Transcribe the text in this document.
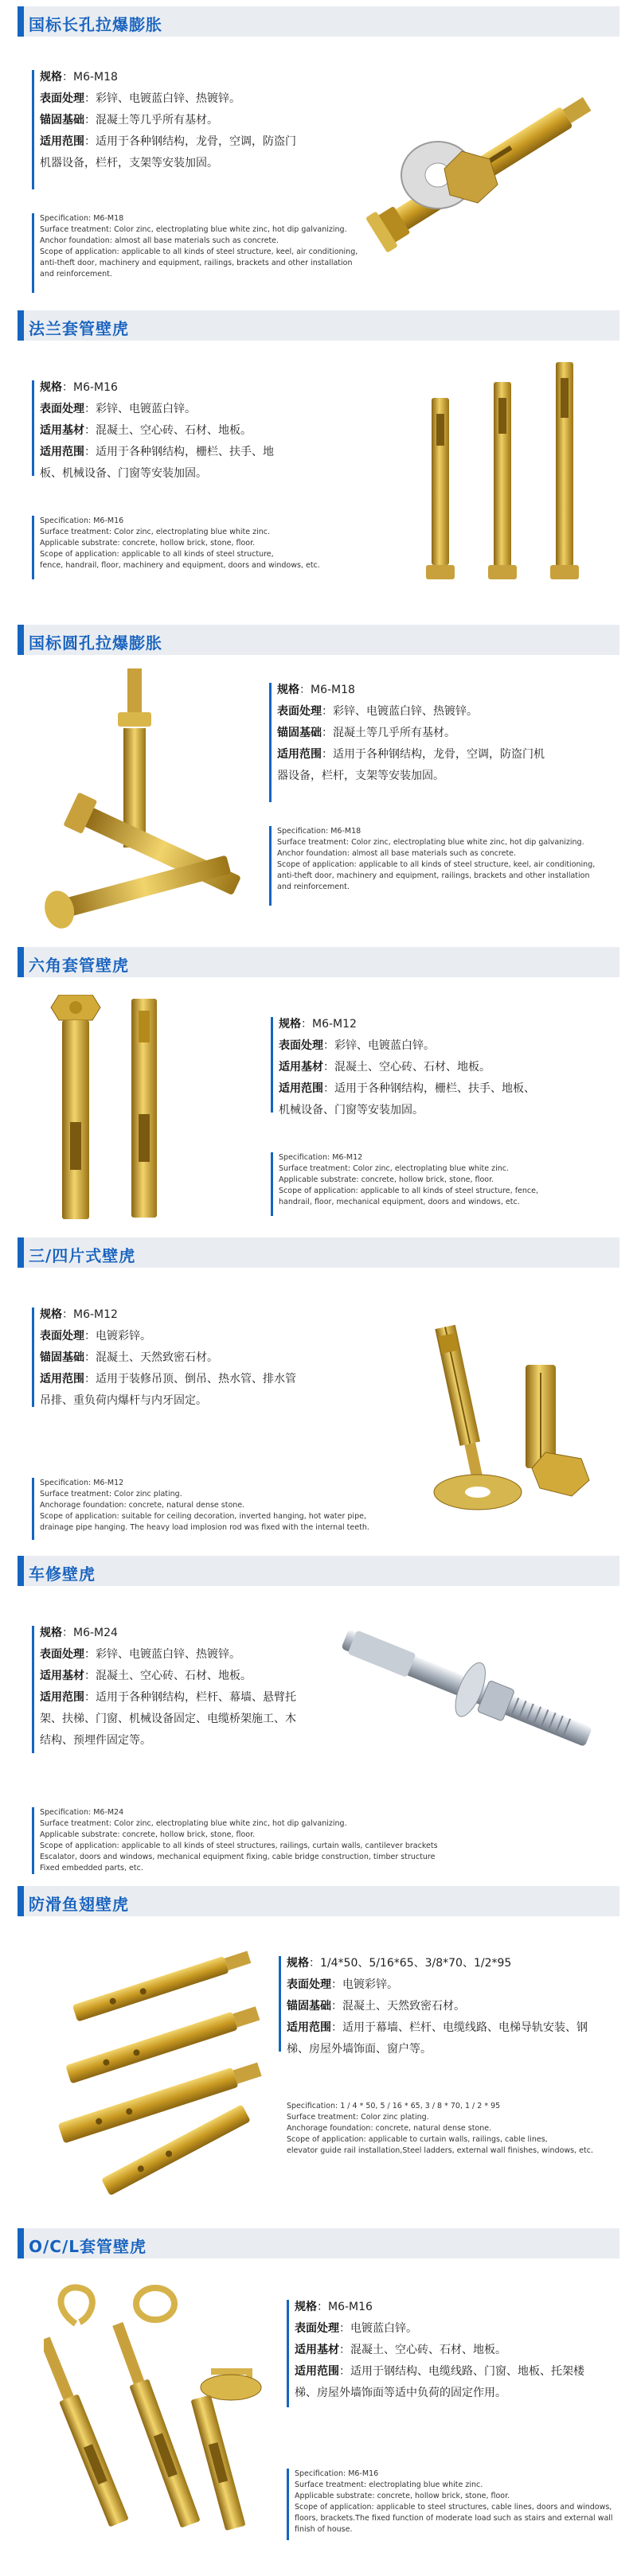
国标长孔拉爆膨胀
规格：M6-M18
表面处理：彩锌、电镀蓝白锌、热镀锌。
锚固基础：混凝土等几乎所有基材。
适用范围：适用于各种钢结构，龙骨，空调，防盗门机器设备，栏杆，支架等安装加固。
Specification: M6-M18
Surface treatment: Color zinc, electroplating blue white zinc, hot dip galvanizing.
Anchor foundation: almost all base materials such as concrete.
Scope of application: applicable to all kinds of steel structure, keel, air conditioning,
anti-theft door, machinery and equipment, railings, brackets and other installation
and reinforcement.
法兰套管壁虎
规格：M6-M16
表面处理：彩锌、电镀蓝白锌。
适用基材：混凝土、空心砖、石材、地板。
适用范围：适用于各种钢结构，栅栏、扶手、地板、机械设备、门窗等安装加固。
Specification: M6-M16
Surface treatment: Color zinc, electroplating blue white zinc.
Applicable substrate: concrete, hollow brick, stone, floor.
Scope of application: applicable to all kinds of steel structure,
fence, handrail, floor, machinery and equipment, doors and windows, etc.
国标圆孔拉爆膨胀
规格：M6-M18
表面处理：彩锌、电镀蓝白锌、热镀锌。
锚固基础：混凝土等几乎所有基材。
适用范围：适用于各种钢结构，龙骨，空调，防盗门机器设备，栏杆，支架等安装加固。
Specification: M6-M18
Surface treatment: Color zinc, electroplating blue white zinc, hot dip galvanizing.
Anchor foundation: almost all base materials such as concrete.
Scope of application: applicable to all kinds of steel structure, keel, air conditioning,
anti-theft door, machinery and equipment, railings, brackets and other installation
and reinforcement.
六角套管壁虎
规格：M6-M12
表面处理：彩锌、电镀蓝白锌。
适用基材：混凝土、空心砖、石材、地板。
适用范围：适用于各种钢结构，栅栏、扶手、地板、机械设备、门窗等安装加固。
Specification: M6-M12
Surface treatment: Color zinc, electroplating blue white zinc.
Applicable substrate: concrete, hollow brick, stone, floor.
Scope of application: applicable to all kinds of steel structure, fence,
handrail, floor, mechanical equipment, doors and windows, etc.
三/四片式壁虎
规格：M6-M12
表面处理：电镀彩锌。
锚固基础：混凝土、天然致密石材。
适用范围：适用于装修吊顶、倒吊、热水管、排水管吊排、重负荷内爆杆与内牙固定。
Specification: M6-M12
Surface treatment: Color zinc plating.
Anchorage foundation: concrete, natural dense stone.
Scope of application: suitable for ceiling decoration, inverted hanging, hot water pipe,
drainage pipe hanging. The heavy load implosion rod was fixed with the internal teeth.
车修壁虎
规格：M6-M24
表面处理：彩锌、电镀蓝白锌、热镀锌。
适用基材：混凝土、空心砖、石材、地板。
适用范围：适用于各种钢结构，栏杆、幕墙、悬臂托架、扶梯、门窗、机械设备固定、电缆桥架施工、木结构、预埋件固定等。
Specification: M6-M24
Surface treatment: Color zinc, electroplating blue white zinc, hot dip galvanizing.
Applicable substrate: concrete, hollow brick, stone, floor.
Scope of application: applicable to all kinds of steel structures, railings, curtain walls, cantilever brackets
Escalator, doors and windows, mechanical equipment fixing, cable bridge construction, timber structure
Fixed embedded parts, etc.
防滑鱼翅壁虎
规格：1/4*50、5/16*65、3/8*70、1/2*95
表面处理：电镀彩锌。
锚固基础：混凝土、天然致密石材。
适用范围：适用于幕墙、栏杆、电缆线路、电梯导轨安装、钢梯、房屋外墙饰面、窗户等。
Specification: 1 / 4 * 50, 5 / 16 * 65, 3 / 8 * 70, 1 / 2 * 95
Surface treatment: Color zinc plating.
Anchorage foundation: concrete, natural dense stone.
Scope of application: applicable to curtain walls, railings, cable lines,
elevator guide rail installation,Steel ladders, external wall finishes, windows, etc.
O/C/L套管壁虎
规格：M6-M16
表面处理：电镀蓝白锌。
适用基材：混凝土、空心砖、石材、地板。
适用范围：适用于钢结构、电缆线路、门窗、地板、托架楼梯、房屋外墙饰面等适中负荷的固定作用。
Specification: M6-M16
Surface treatment: electroplating blue white zinc.
Applicable substrate: concrete, hollow brick, stone, floor.
Scope of application: applicable to steel structures, cable lines, doors and windows,
floors, brackets.The fixed function of moderate load such as stairs and external wall
finish of house.
